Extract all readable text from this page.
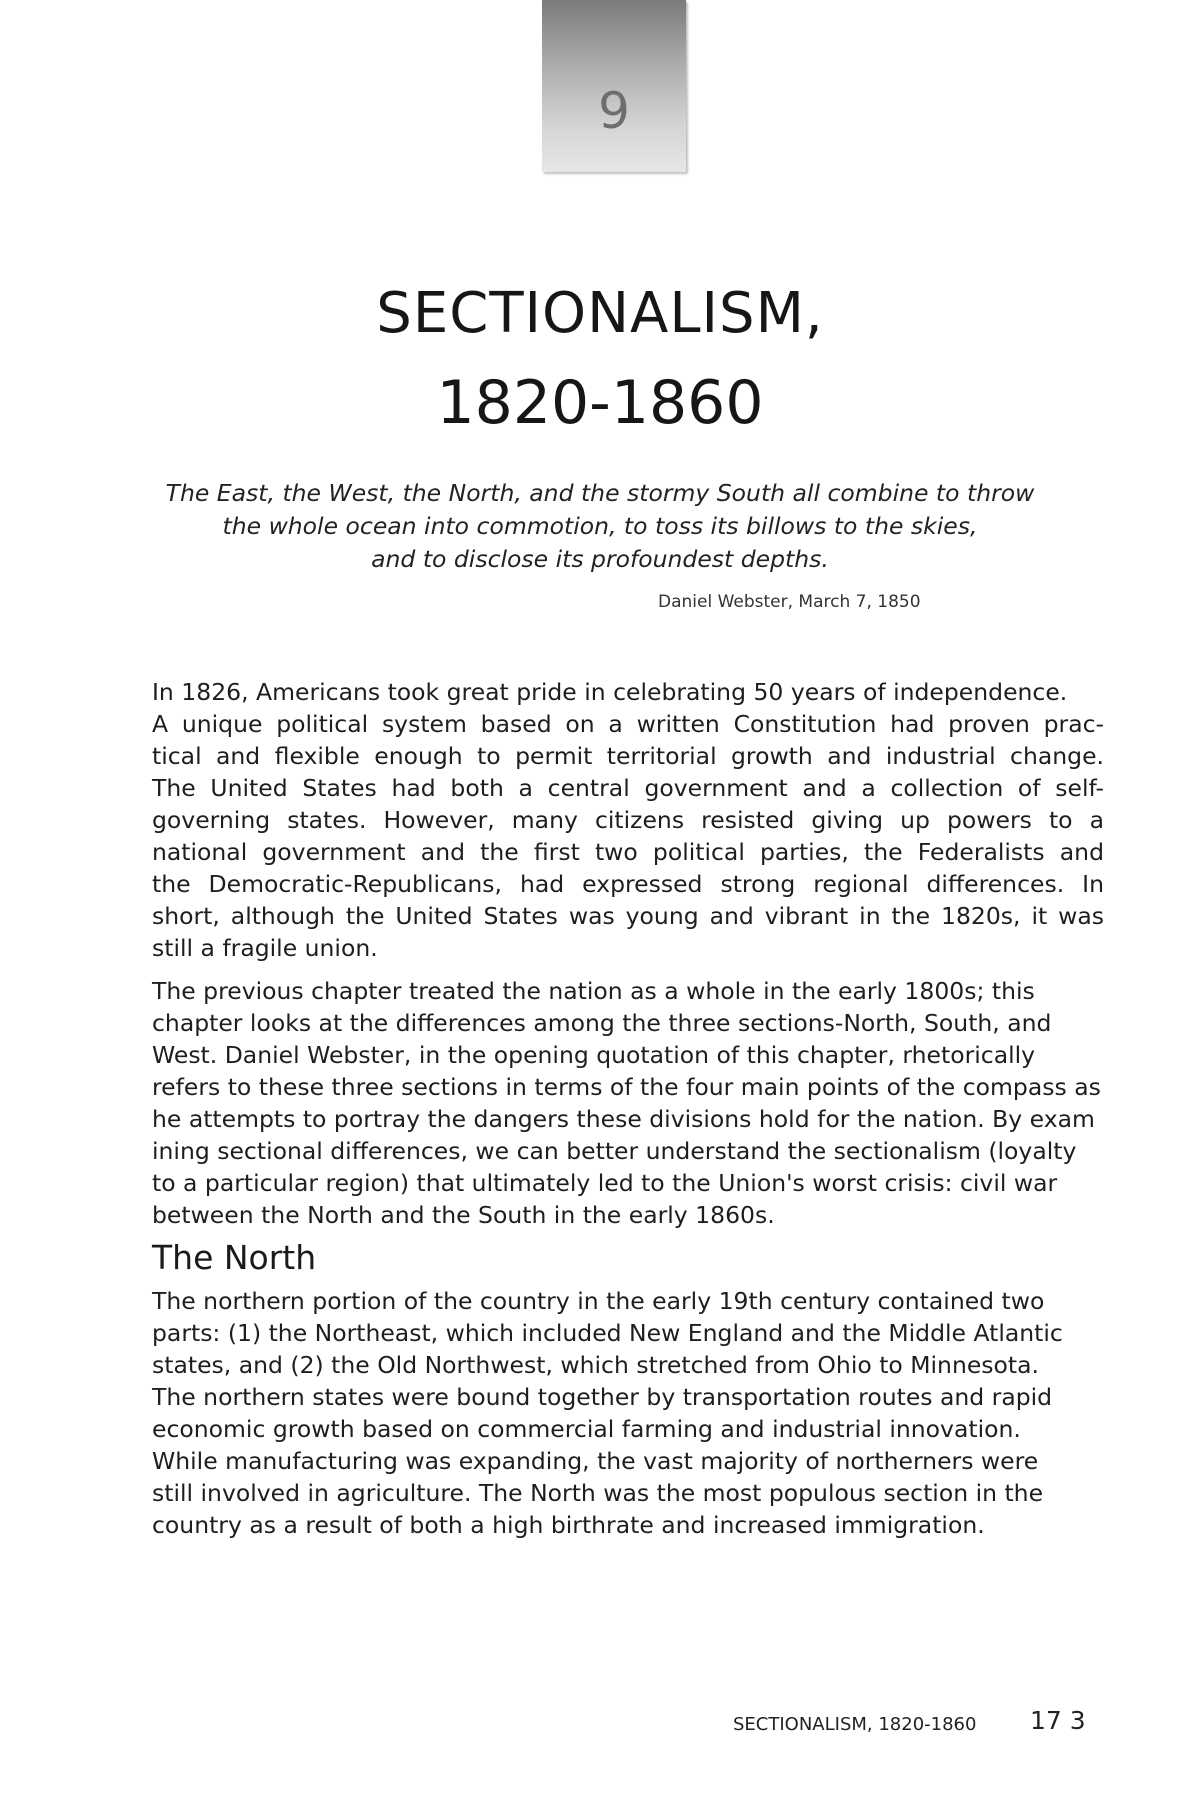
9
SECTIONALISM,
1820-1860
The East, the West, the North, and the stormy South all combine to throw
the whole ocean into commotion, to toss its billows to the skies,
and to disclose its profoundest depths.
Daniel Webster, March 7, 1850
In 1826, Americans took great pride in celebrating 50 years of independence.
A unique political system based on a written Constitution had proven prac-
tical and flexible enough to permit territorial growth and industrial change.
The United States had both a central government and a collection of self-
governing states. However, many citizens resisted giving up powers to a
national government and the first two political parties, the Federalists and
the Democratic-Republicans, had expressed strong regional differences. In
short, although the United States was young and vibrant in the 1820s, it was
still a fragile union.
The previous chapter treated the nation as a whole in the early 1800s; this
chapter looks at the differences among the three sections-North, South, and
West. Daniel Webster, in the opening quotation of this chapter, rhetorically
refers to these three sections in terms of the four main points of the compass as
he attempts to portray the dangers these divisions hold for the nation. By exam
ining sectional differences, we can better understand the sectionalism (loyalty
to a particular region) that ultimately led to the Union's worst crisis: civil war
between the North and the South in the early 1860s.
The North
The northern portion of the country in the early 19th century contained two
parts: (1) the Northeast, which included New England and the Middle Atlantic
states, and (2) the Old Northwest, which stretched from Ohio to Minnesota.
The northern states were bound together by transportation routes and rapid
economic growth based on commercial farming and industrial innovation.
While manufacturing was expanding, the vast majority of northerners were
still involved in agriculture. The North was the most populous section in the
country as a result of both a high birthrate and increased immigration.
SECTIONALISM, 1820-1860 17 3
